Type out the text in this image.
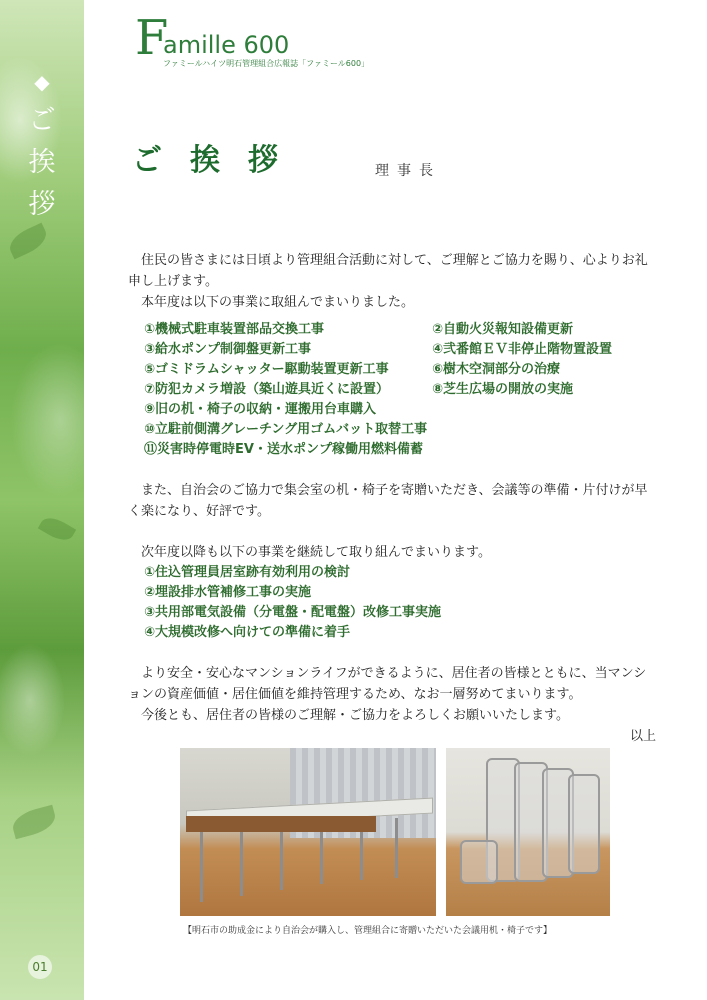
◆
ご
挨
拶
01
F
amille 600
ファミールハイツ明石管理組合広報誌「ファミール600」
ご挨拶	理事長

住民の皆さまには日頃より管理組合活動に対して、ご理解とご協力を賜り、心よりお礼申し上げます。

本年度は以下の事業に取組んでまいりました。

①機械式駐車装置部品交換工事	②自動火災報知設備更新
③給水ポンプ制御盤更新工事	④弐番館ＥＶ非停止階物置設置
⑤ゴミドラムシャッター駆動装置更新工事	⑥樹木空洞部分の治療
⑦防犯カメラ増設（築山遊具近くに設置）	⑧芝生広場の開放の実施
⑨旧の机・椅子の収納・運搬用台車購入
⑩立駐前側溝グレーチング用ゴムバット取替工事
⑪災害時停電時EV・送水ポンプ稼働用燃料備蓄

また、自治会のご協力で集会室の机・椅子を寄贈いただき、会議等の準備・片付けが早く楽になり、好評です。

次年度以降も以下の事業を継続して取り組んでまいります。

①住込管理員居室跡有効利用の検討
②埋設排水管補修工事の実施
③共用部電気設備（分電盤・配電盤）改修工事実施
④大規模改修へ向けての準備に着手

より安全・安心なマンションライフができるように、居住者の皆様とともに、当マンションの資産価値・居住価値を維持管理するため、なお一層努めてまいります。

今後とも、居住者の皆様のご理解・ご協力をよろしくお願いいたします。

以上

【明石市の助成金により自治会が購入し、管理組合に寄贈いただいた会議用机・椅子です】
